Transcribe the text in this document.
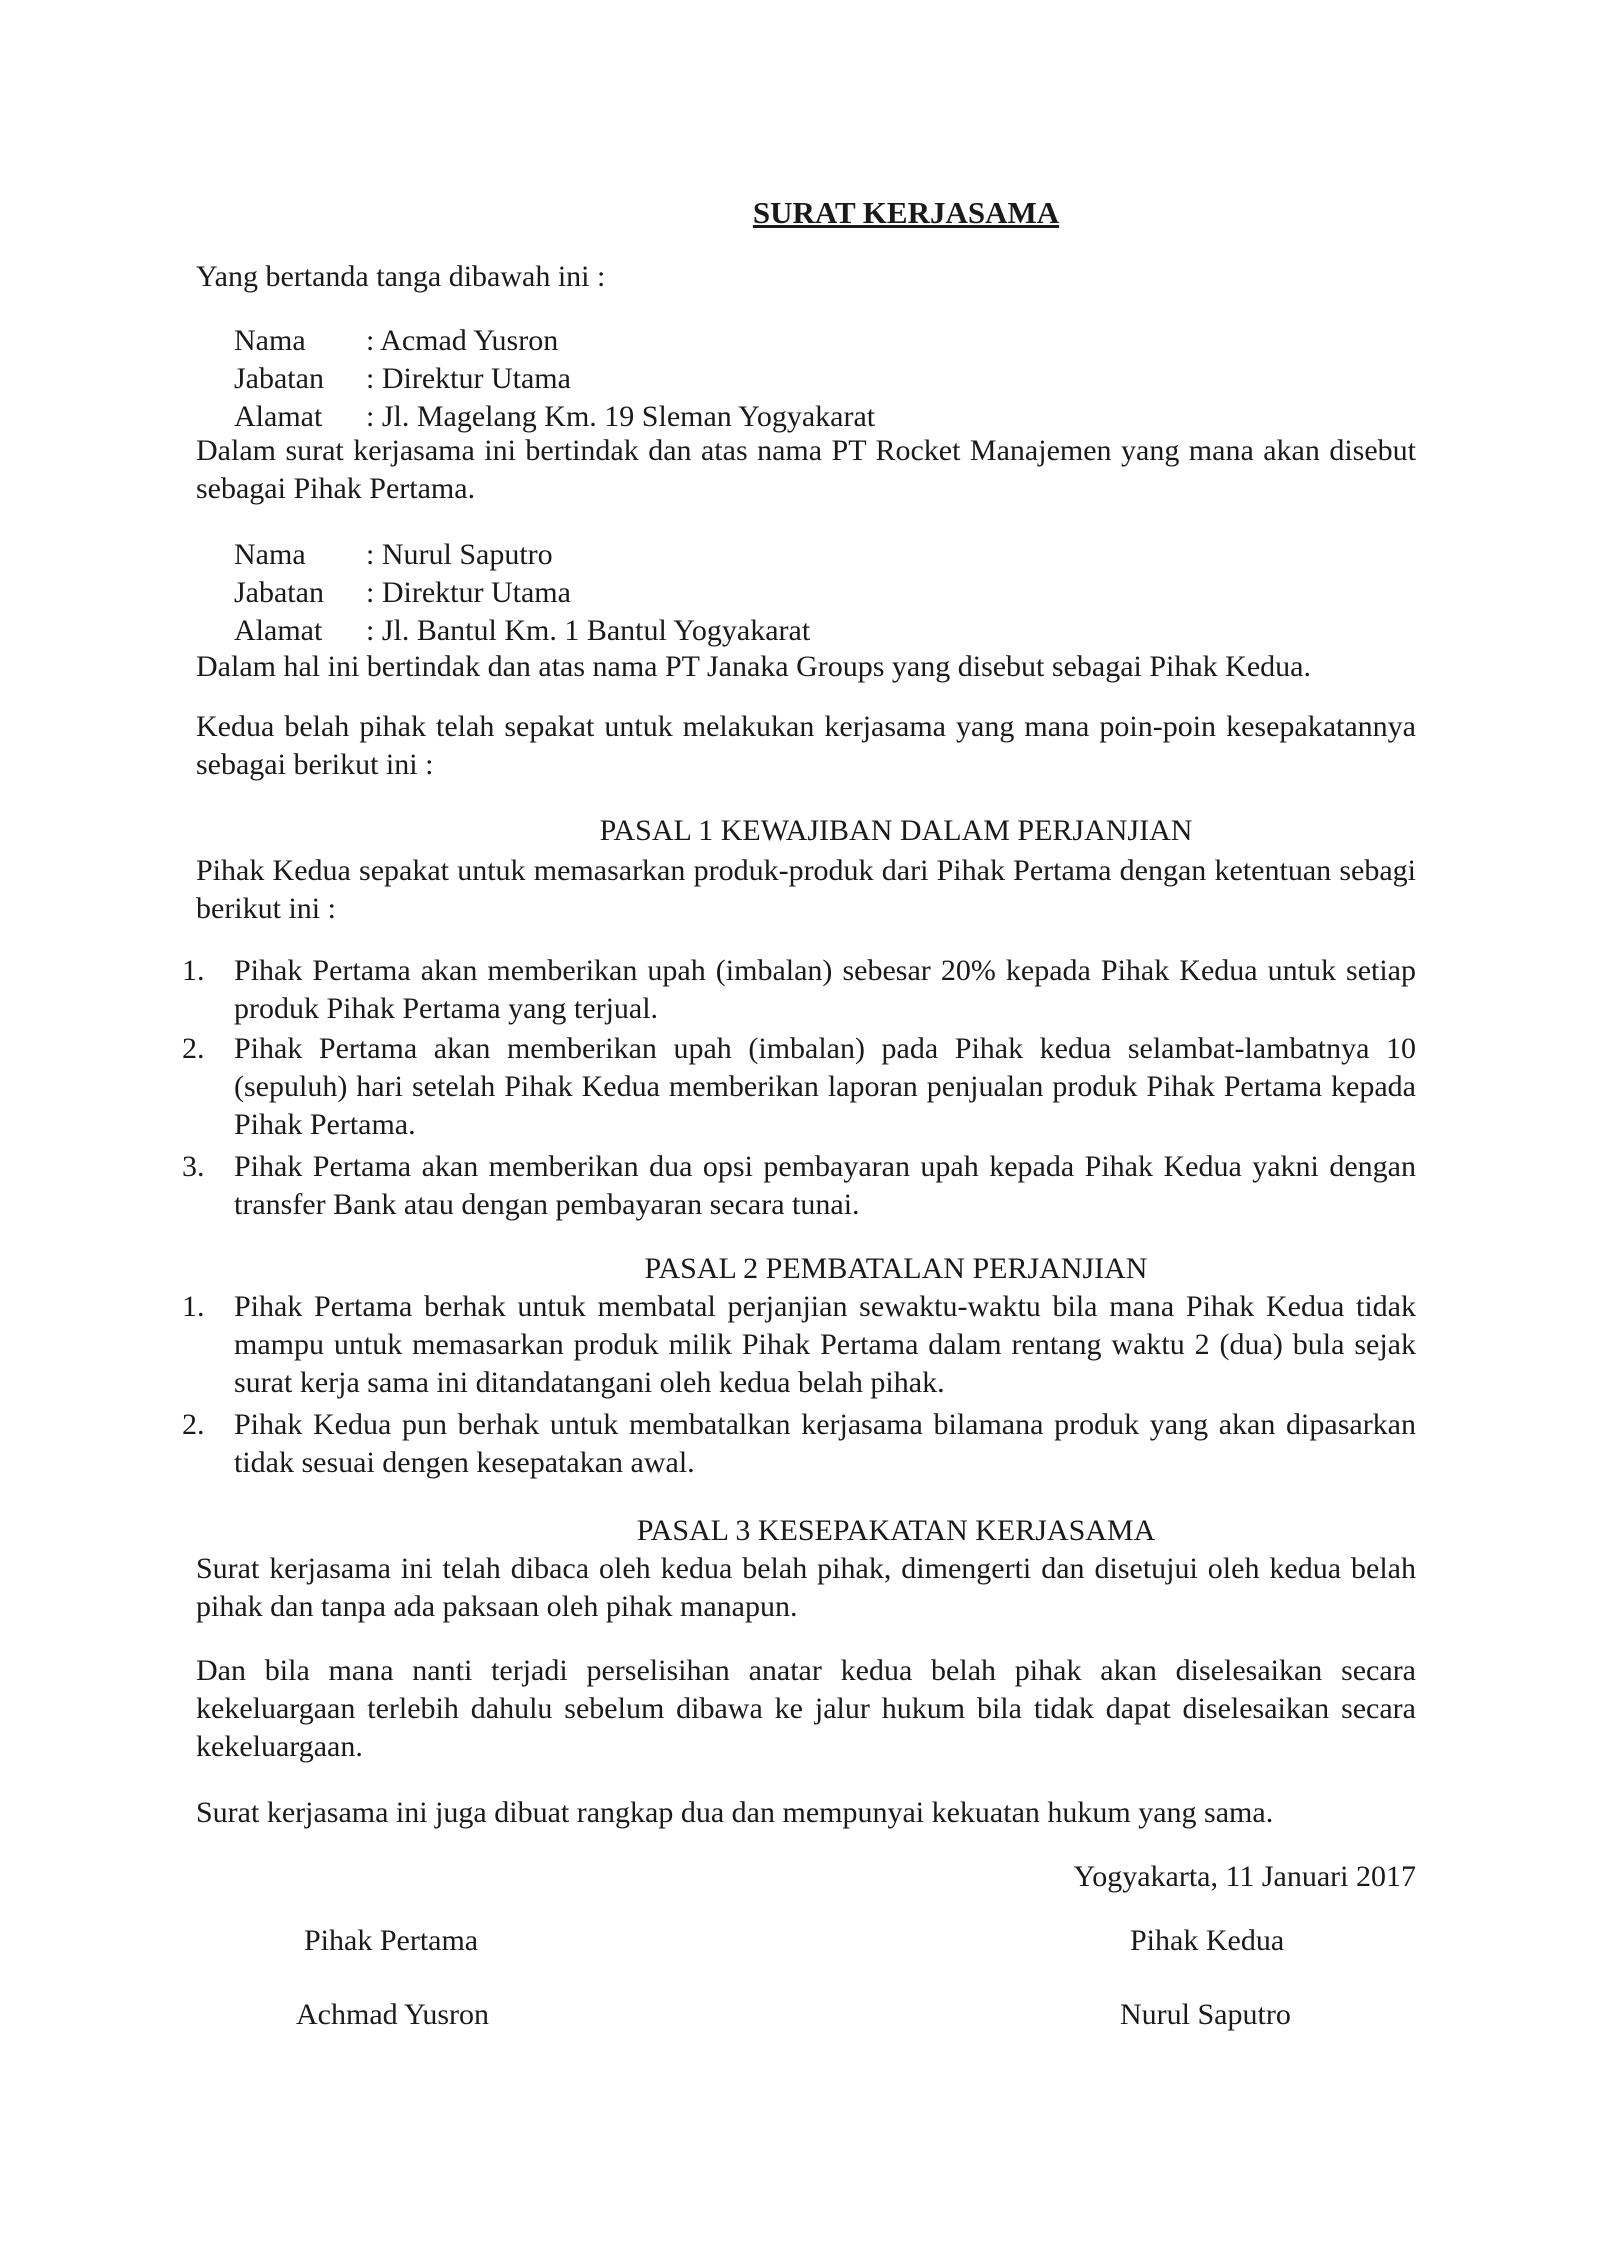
SURAT KERJASAMA
Yang bertanda tanga dibawah ini :
Nama : Acmad Yusron
Jabatan : Direktur Utama
Alamat : Jl. Magelang Km. 19 Sleman Yogyakarat
Dalam surat kerjasama ini bertindak dan atas nama PT Rocket Manajemen yang mana akan disebut sebagai Pihak Pertama.
Nama : Nurul Saputro
Jabatan : Direktur Utama
Alamat : Jl. Bantul Km. 1 Bantul Yogyakarat
Dalam hal ini bertindak dan atas nama PT Janaka Groups yang disebut sebagai Pihak Kedua.
Kedua belah pihak telah sepakat untuk melakukan kerjasama yang mana poin-poin kesepakatannya sebagai berikut ini :
PASAL 1 KEWAJIBAN DALAM PERJANJIAN
Pihak Kedua sepakat untuk memasarkan produk-produk dari Pihak Pertama dengan ketentuan sebagi berikut ini :
1. Pihak Pertama akan memberikan upah (imbalan) sebesar 20% kepada Pihak Kedua untuk setiap produk Pihak Pertama yang terjual.
2. Pihak Pertama akan memberikan upah (imbalan) pada Pihak kedua selambat-lambatnya 10 (sepuluh) hari setelah Pihak Kedua memberikan laporan penjualan produk Pihak Pertama kepada Pihak Pertama.
3. Pihak Pertama akan memberikan dua opsi pembayaran upah kepada Pihak Kedua yakni dengan transfer Bank atau dengan pembayaran secara tunai.
PASAL 2 PEMBATALAN PERJANJIAN
1. Pihak Pertama berhak untuk membatal perjanjian sewaktu-waktu bila mana Pihak Kedua tidak mampu untuk memasarkan produk milik Pihak Pertama dalam rentang waktu 2 (dua) bula sejak surat kerja sama ini ditandatangani oleh kedua belah pihak.
2. Pihak Kedua pun berhak untuk membatalkan kerjasama bilamana produk yang akan dipasarkan tidak sesuai dengen kesepatakan awal.
PASAL 3 KESEPAKATAN KERJASAMA
Surat kerjasama ini telah dibaca oleh kedua belah pihak, dimengerti dan disetujui oleh kedua belah pihak dan tanpa ada paksaan oleh pihak manapun.
Dan bila mana nanti terjadi perselisihan anatar kedua belah pihak akan diselesaikan secara kekeluargaan terlebih dahulu sebelum dibawa ke jalur hukum bila tidak dapat diselesaikan secara kekeluargaan.
Surat kerjasama ini juga dibuat rangkap dua dan mempunyai kekuatan hukum yang sama.
Yogyakarta, 11 Januari 2017
Pihak Pertama
Achmad Yusron
Pihak Kedua
Nurul Saputro
